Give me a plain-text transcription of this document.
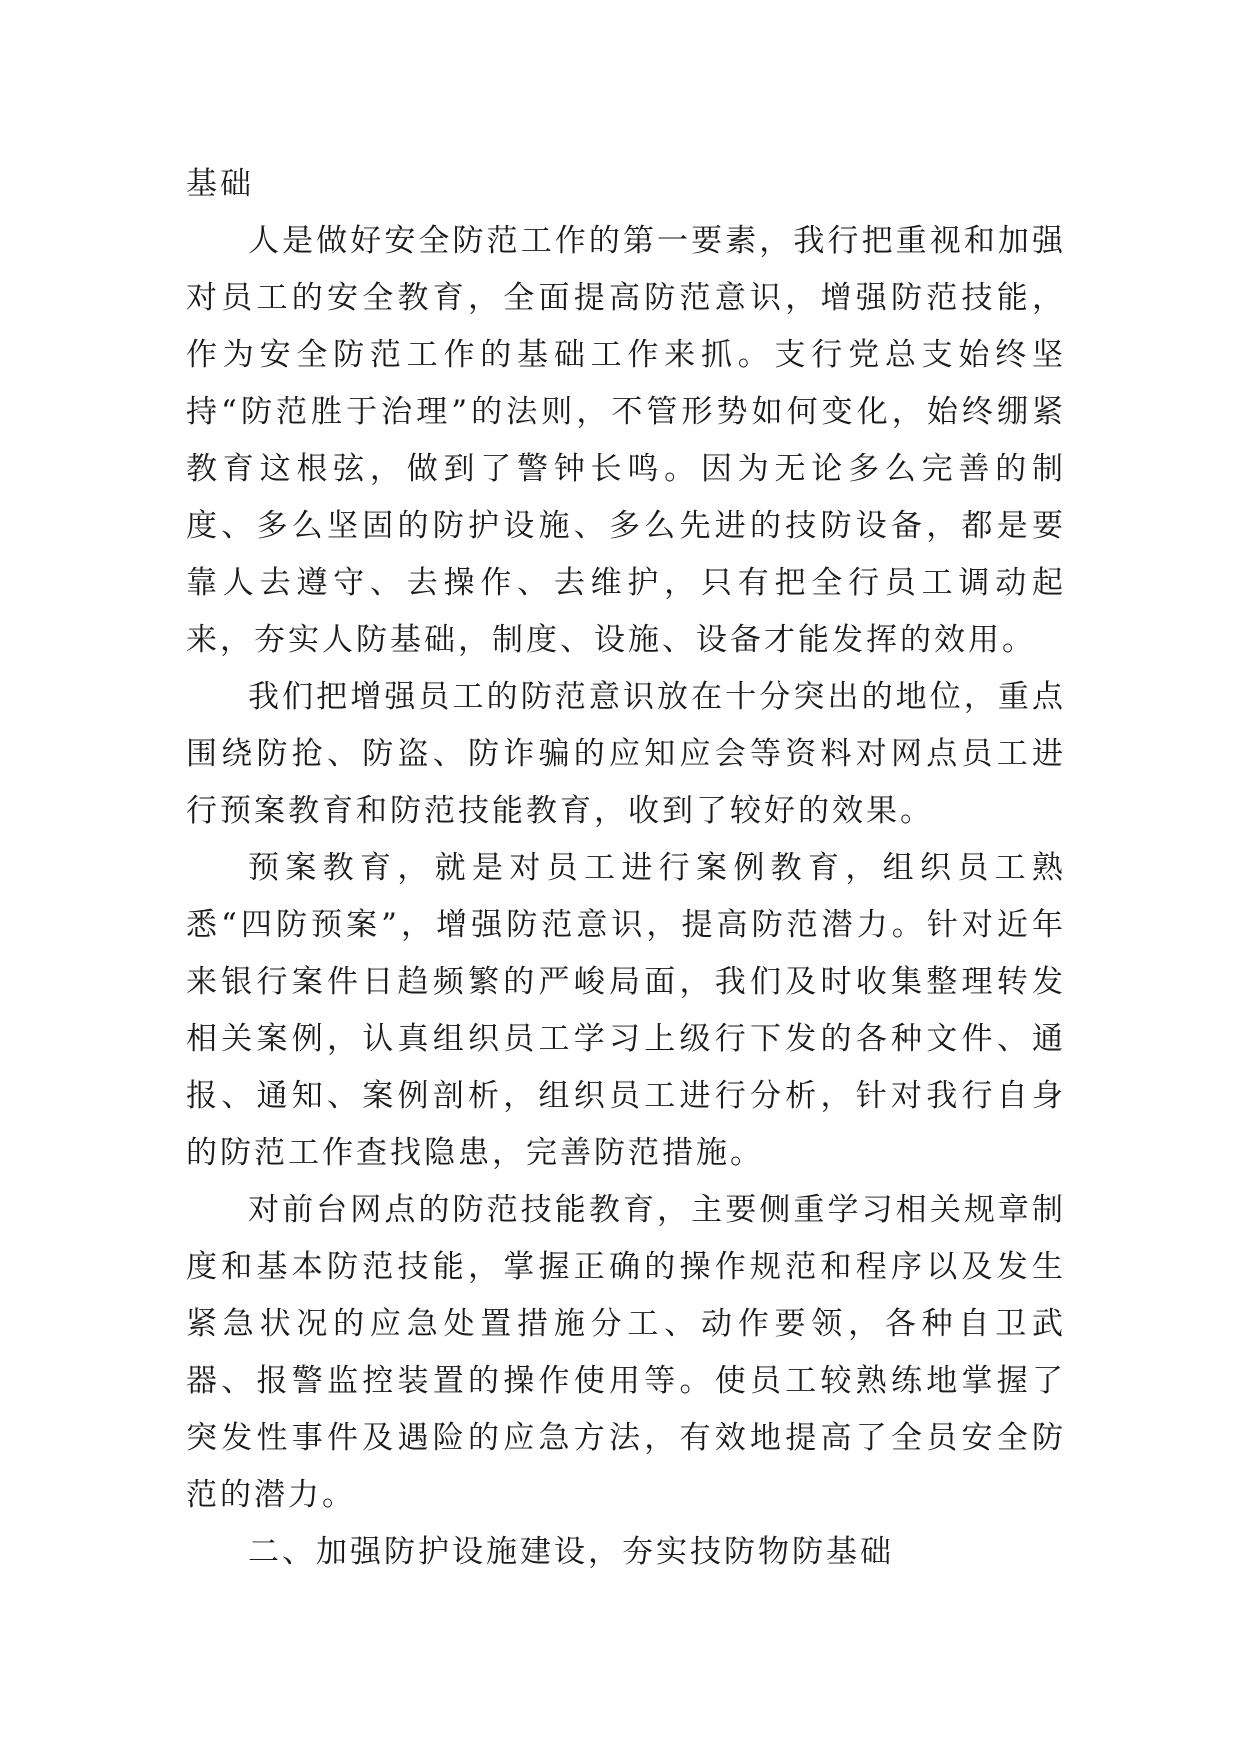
基础

人是做好安全防范工作的第一要素，我行把重视和加强对员工的安全教育，全面提高防范意识，增强防范技能，作为安全防范工作的基础工作来抓。支行党总支始终坚持“防范胜于治理”的法则，不管形势如何变化，始终绷紧教育这根弦，做到了警钟长鸣。因为无论多么完善的制度、多么坚固的防护设施、多么先进的技防设备，都是要靠人去遵守、去操作、去维护，只有把全行员工调动起来，夯实人防基础，制度、设施、设备才能发挥的效用。

我们把增强员工的防范意识放在十分突出的地位，重点围绕防抢、防盗、防诈骗的应知应会等资料对网点员工进行预案教育和防范技能教育，收到了较好的效果。

预案教育，就是对员工进行案例教育，组织员工熟悉“四防预案”，增强防范意识，提高防范潜力。针对近年来银行案件日趋频繁的严峻局面，我们及时收集整理转发相关案例，认真组织员工学习上级行下发的各种文件、通报、通知、案例剖析，组织员工进行分析，针对我行自身的防范工作查找隐患，完善防范措施。

对前台网点的防范技能教育，主要侧重学习相关规章制度和基本防范技能，掌握正确的操作规范和程序以及发生紧急状况的应急处置措施分工、动作要领，各种自卫武器、报警监控装置的操作使用等。使员工较熟练地掌握了突发性事件及遇险的应急方法，有效地提高了全员安全防范的潜力。

二、加强防护设施建设，夯实技防物防基础
